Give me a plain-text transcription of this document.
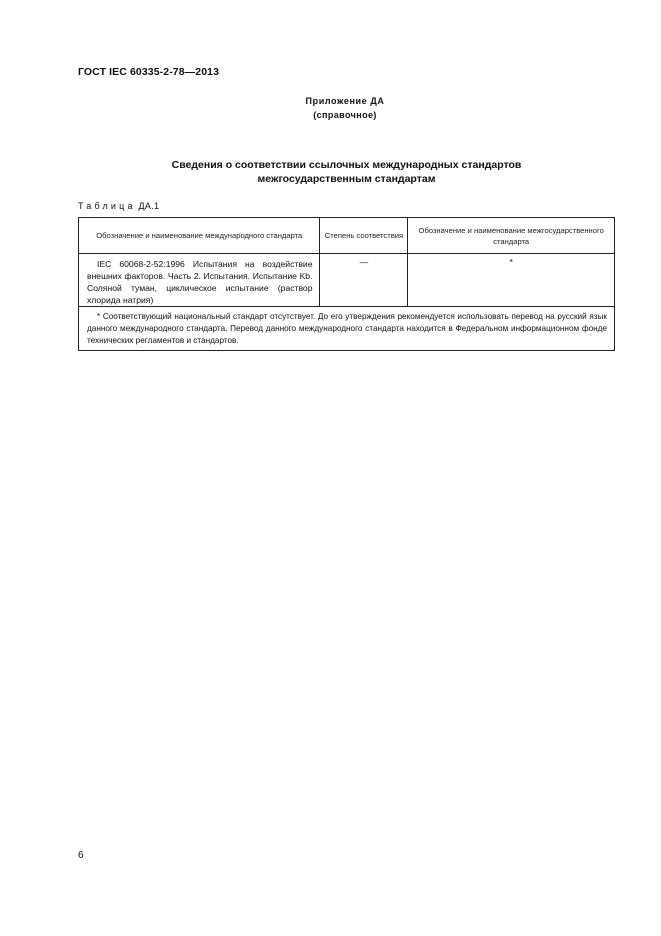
ГОСТ IEC 60335-2-78—2013
Приложение ДА
(справочное)
Сведения о соответствии ссылочных международных стандартов
межгосударственным стандартам
Таблица ДА.1
Обозначение и наименование международного стандарта	Степень соответствия	Обозначение и наименование межгосударственного стандарта
IEC 60068-2-52:1996 Испытания на воздействие внешних факторов. Часть 2. Испытания. Испытание Kb. Соляной туман, циклическое испытание (раствор хлорида натрия)	—	*
* Соответствующий национальный стандарт отсутствует. До его утверждения рекомендуется использовать перевод на русский язык данного международного стандарта. Перевод данного международного стандарта находится в Федеральном информационном фонде технических регламентов и стандартов.		
6
